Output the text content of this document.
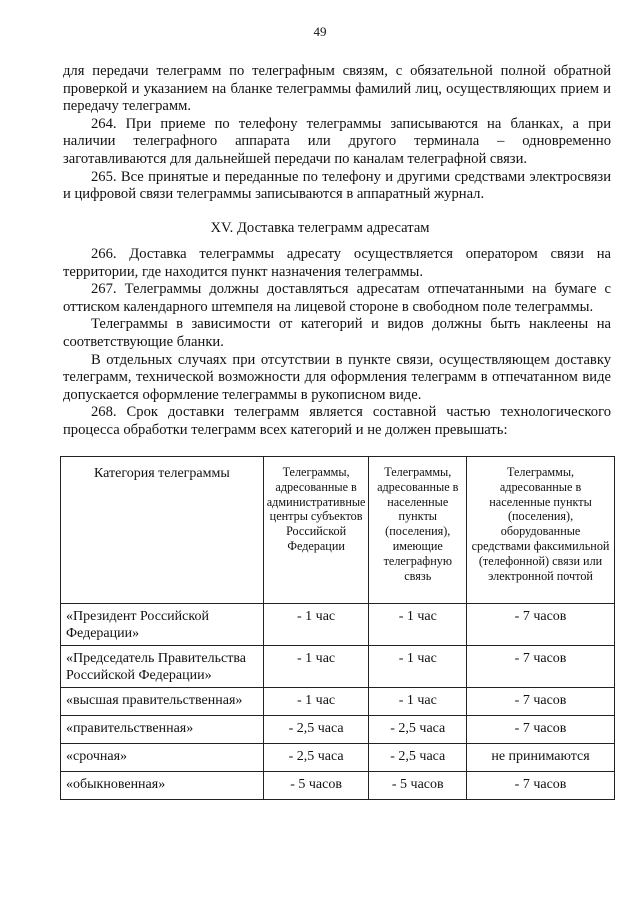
49

для передачи телеграмм по телеграфным связям, с обязательной полной обратной проверкой и указанием на бланке телеграммы фамилий лиц, осуществляющих прием и передачу телеграмм.

264. При приеме по телефону телеграммы записываются на бланках, а при наличии телеграфного аппарата или другого терминала – одновременно заготавливаются для дальнейшей передачи по каналам телеграфной связи.

265. Все принятые и переданные по телефону и другими средствами электросвязи и цифровой связи телеграммы записываются в аппаратный журнал.

XV. Доставка телеграмм адресатам

266. Доставка телеграммы адресату осуществляется оператором связи на территории, где находится пункт назначения телеграммы.

267. Телеграммы должны доставляться адресатам отпечатанными на бумаге с оттиском календарного штемпеля на лицевой стороне в свободном поле телеграммы.

Телеграммы в зависимости от категорий и видов должны быть наклеены на соответствующие бланки.

В отдельных случаях при отсутствии в пункте связи, осуществляющем доставку телеграмм, технической возможности для оформления телеграмм в отпечатанном виде допускается оформление телеграммы в рукописном виде.

268. Срок доставки телеграмм является составной частью технологического процесса обработки телеграмм всех категорий и не должен превышать:

Категория телеграммы	Телеграммы, адресованные в административные центры субъектов Российской Федерации	Телеграммы, адресованные в населенные пункты (поселения), имеющие телеграфную связь	Телеграммы, адресованные в населенные пункты (поселения), оборудованные средствами факсимильной (телефонной) связи или электронной почтой
«Президент Российской Федерации»	- 1 час	- 1 час	- 7 часов
«Председатель Правительства Российской Федерации»	- 1 час	- 1 час	- 7 часов
«высшая правительственная»	- 1 час	- 1 час	- 7 часов
«правительственная»	- 2,5 часа	- 2,5 часа	- 7 часов
«срочная»	- 2,5 часа	- 2,5 часа	не принимаются
«обыкновенная»	- 5 часов	- 5 часов	- 7 часов
